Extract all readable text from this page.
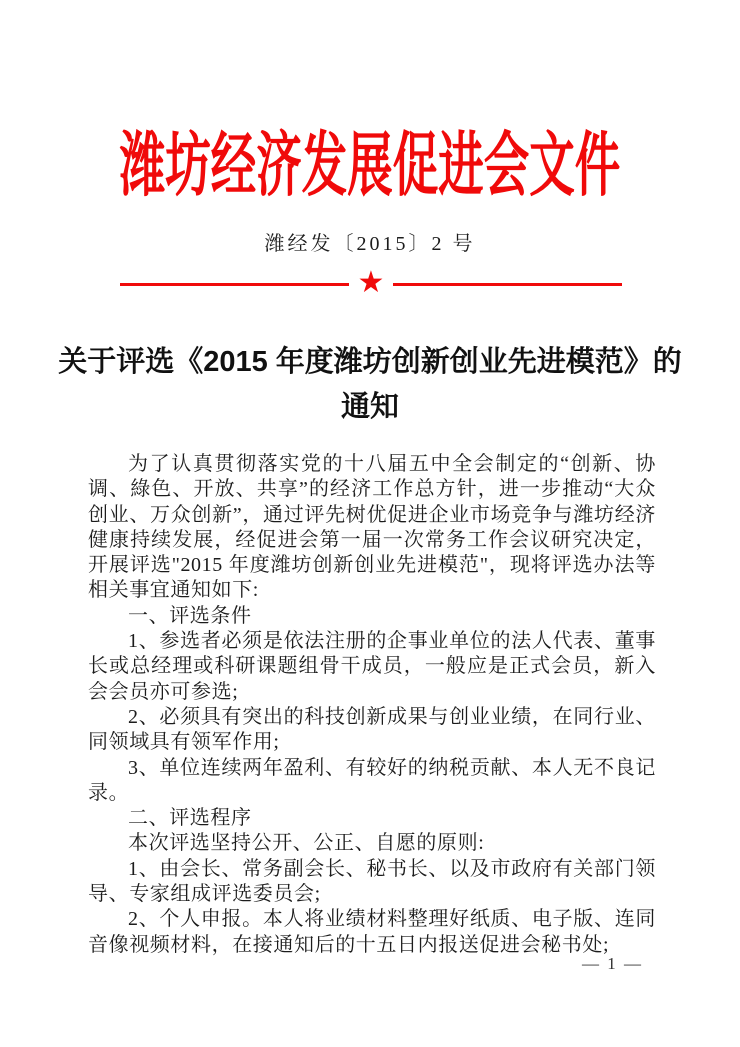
潍坊经济发展促进会文件
潍经发〔2015〕2 号
★
关于评选《2015 年度潍坊创新创业先进模范》的
通知

为了认真贯彻落实党的十八届五中全会制定的“创新、协调、綠色、开放、共享”的经济工作总方针，进一步推动“大众创业、万众创新”，通过评先树优促进企业市场竞争与潍坊经济健康持续发展，经促进会第一届一次常务工作会议研究决定，开展评选"2015 年度潍坊创新创业先进模范"，现将评选办法等相关事宜通知如下:

一、评选条件

1、参选者必须是依法注册的企事业单位的法人代表、董事长或总经理或科研课题组骨干成员，一般应是正式会员，新入会会员亦可参选;

2、必须具有突出的科技创新成果与创业业绩，在同行业、同领域具有领军作用;

3、单位连续两年盈利、有较好的纳税贡献、本人无不良记录。

二、评选程序

本次评选坚持公开、公正、自愿的原则:

1、由会长、常务副会长、秘书长、以及市政府有关部门领导、专家组成评选委员会;

2、个人申报。本人将业绩材料整理好纸质、电子版、连同音像视频材料，在接通知后的十五日内报送促进会秘书处;

— 1 —
